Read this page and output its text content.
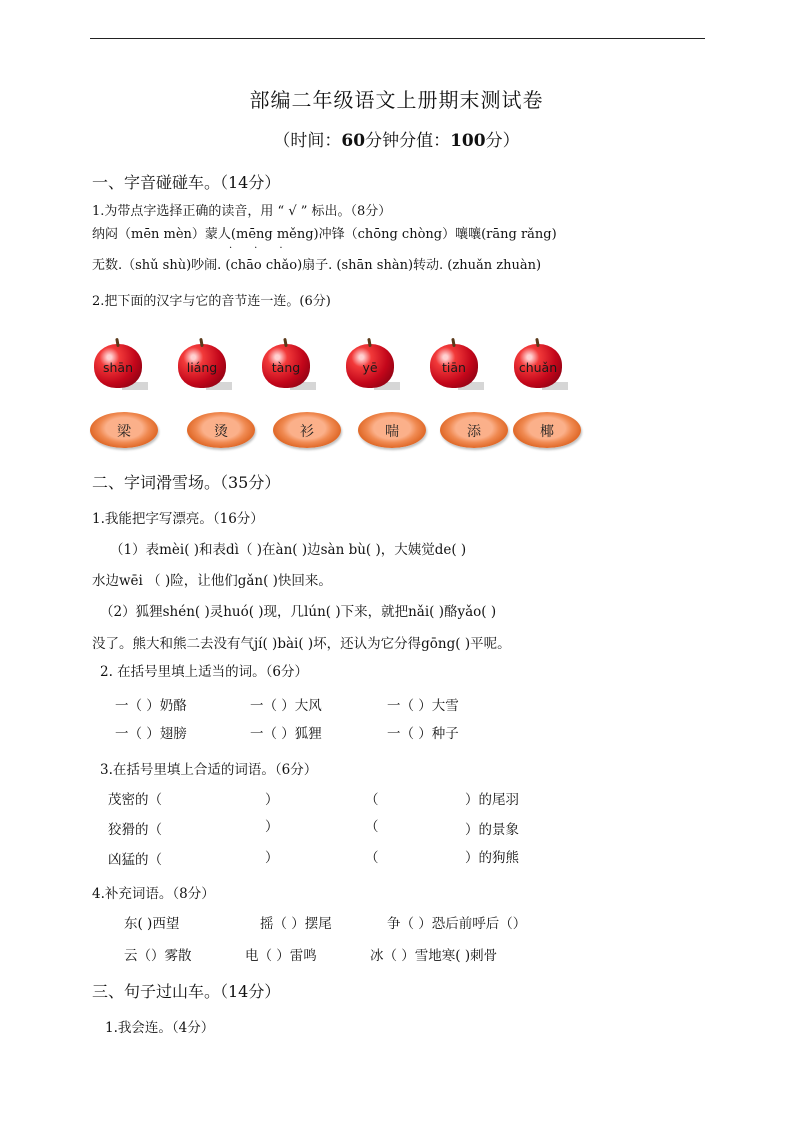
部编二年级语文上册期末测试卷
（时间：60分钟分值：100分）
一、字音碰碰车。（14分）
1.为带点字选择正确的读音，用 “ √ ” 标出。（8分）
纳闷（mēn mèn）蒙人(mēng měng)冲锋（chōng chòng）嚷嚷(rāng rǎng)
...
无数.（shǔ shù)吵闹. (chāo chǎo)扇子. (shān shàn)转动. (zhuǎn zhuàn)
2.把下面的汉字与它的音节连一连。(6分)
shān	liáng	tàng	yē	tiān	chuǎn
梁	烫	衫	喘	添	椰
二、字词滑雪场。（35分）
1.我能把字写漂亮。（16分）
（1）表mèi( )和表dì（ )在àn( )边sàn bù( )，大姨觉de( )
水边wēi （ )险，让他们gǎn( )快回来。
（2）狐狸shén( )灵huó( )现，几lún( )下来，就把nǎi( )酪yǎo( )
没了。熊大和熊二去没有气jí( )bài( )坏，还认为它分得gōng( )平呢。
2. 在括号里填上适当的词。（6分）
一（ ）奶酪	一（ ）大风	一（ ）大雪
一（ ）翅膀	一（ ）狐狸	一（ ）种子
3.在括号里填上合适的词语。（6分）
茂密的（	）	（	）的尾羽
狡猾的（	）	（	）的景象
凶猛的（	）	（	）的狗熊
4.补充词语。（8分）
东( )西望	摇（ ）摆尾	争（ ）恐后前呼后（）
云（）雾散	电（ ）雷鸣	冰（ ）雪地寒( )刺骨
三、句子过山车。（14分）
1.我会连。（4分）
